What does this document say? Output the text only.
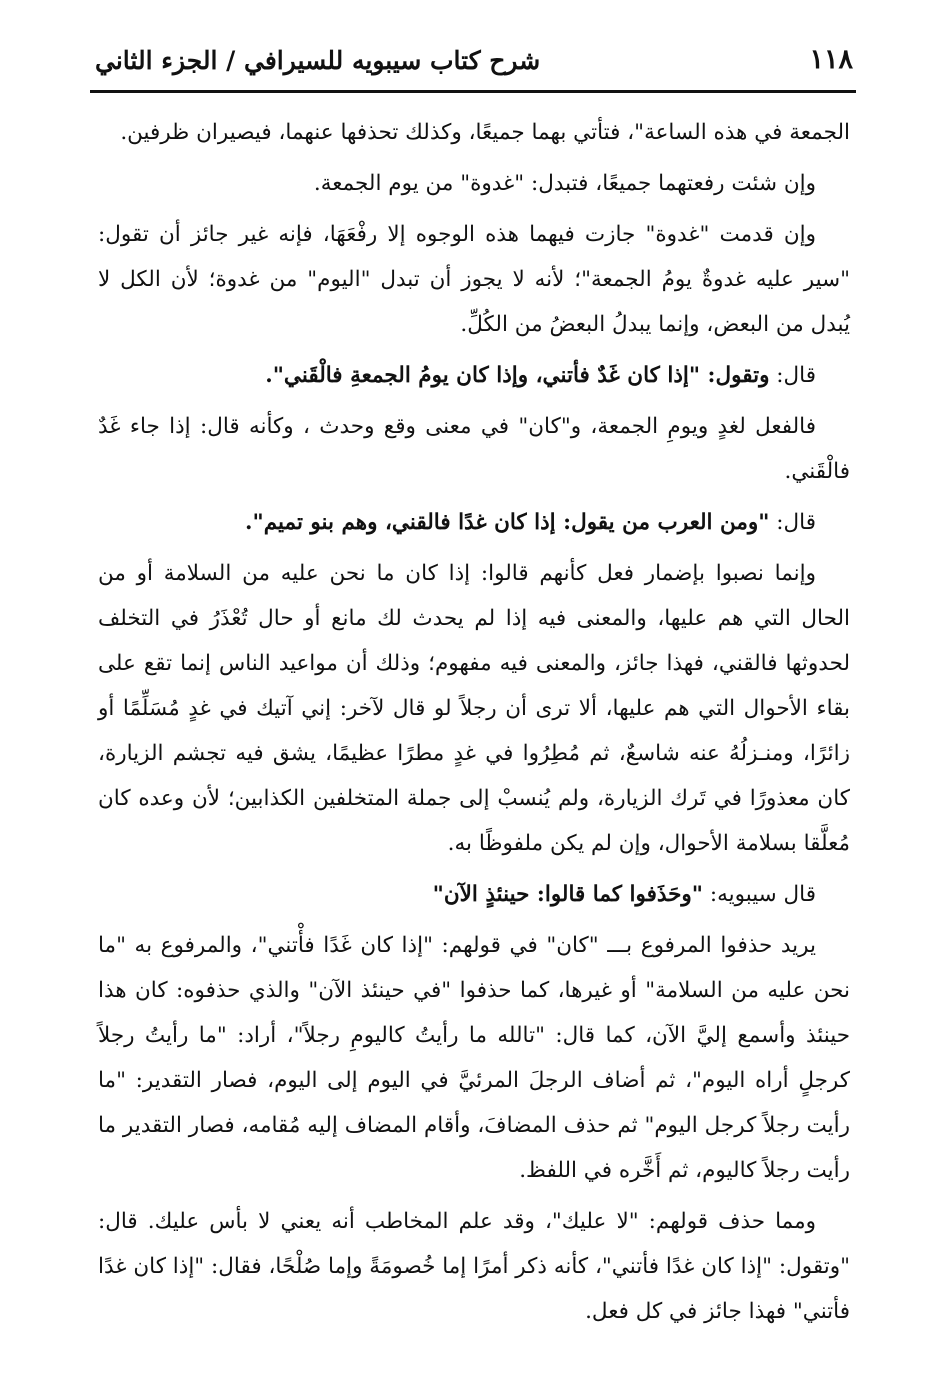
١١٨
شرح كتاب سيبويه للسيرافي / الجزء الثاني

الجمعة في هذه الساعة"، فتأتي بهما جميعًا، وكذلك تحذفها عنهما، فيصيران ظرفين.

وإن شئت رفعتهما جميعًا، فتبدل: "غدوة" من يوم الجمعة.

وإن قدمت "غدوة" جازت فيهما هذه الوجوه إلا رفْعَهَا، فإنه غير جائز أن تقول: "سير عليه غدوةٌ يومُ الجمعة"؛ لأنه لا يجوز أن تبدل "اليوم" من غدوة؛ لأن الكل لا يُبدل من البعض، وإنما يبدلُ البعضُ من الكُلِّ.

قال: وتقول: "إذا كان غَدٌ فأتني، وإذا كان يومُ الجمعةِ فالْقَني".

فالفعل لغدٍ ويومِ الجمعة، و"كان" في معنى وقع وحدث ، وكأنه قال: إذا جاء غَدٌ فالْقَني.

قال: "ومن العرب من يقول: إذا كان غدًا فالقني، وهم بنو تميم".

وإنما نصبوا بإضمار فعل كأنهم قالوا: إذا كان ما نحن عليه من السلامة أو من الحال التي هم عليها، والمعنى فيه إذا لم يحدث لك مانع أو حال تُعْذَرُ في التخلف لحدوثها فالقني، فهذا جائز، والمعنى فيه مفهوم؛ وذلك أن مواعيد الناس إنما تقع على بقاء الأحوال التي هم عليها، ألا ترى أن رجلاً لو قال لآخر: إني آتيك في غدٍ مُسَلِّمًا أو زائرًا، ومنـزلُهُ عنه شاسعٌ، ثم مُطِرُوا في غدٍ مطرًا عظيمًا، يشق فيه تجشم الزيارة، كان معذورًا في تَرك الزيارة، ولم يُنسبْ إلى جملة المتخلفين الكذابين؛ لأن وعده كان مُعلَّقا بسلامة الأحوال، وإن لم يكن ملفوظًا به.

قال سيبويه: "وحَذَفوا كما قالوا: حينئذٍ الآن"

يريد حذفوا المرفوع بـــ "كان" في قولهم: "إذا كان غَدًا فأْتني"، والمرفوع به "ما نحن عليه من السلامة" أو غيرها، كما حذفوا "في حينئذ الآن" والذي حذفوه: كان هذا حينئذ وأسمع إليَّ الآن، كما قال: "تالله ما رأيتُ كاليومِ رجلاً"، أراد: "ما رأيتُ رجلاً كرجلٍ أراه اليوم"، ثم أضاف الرجلَ المرئيَّ في اليوم إلى اليوم، فصار التقدير: "ما رأيت رجلاً كرجل اليوم" ثم حذف المضافَ، وأقام المضاف إليه مُقامه، فصار التقدير ما رأيت رجلاً كاليوم، ثم أَخَّره في اللفظ.

ومما حذف قولهم: "لا عليك"، وقد علم المخاطب أنه يعني لا بأس عليك. قال: "وتقول: "إذا كان غدًا فأتني"، كأنه ذكر أمرًا إما خُصومَةً وإما صُلْحًا، فقال: "إذا كان غدًا فأتني" فهذا جائز في كل فعل.
